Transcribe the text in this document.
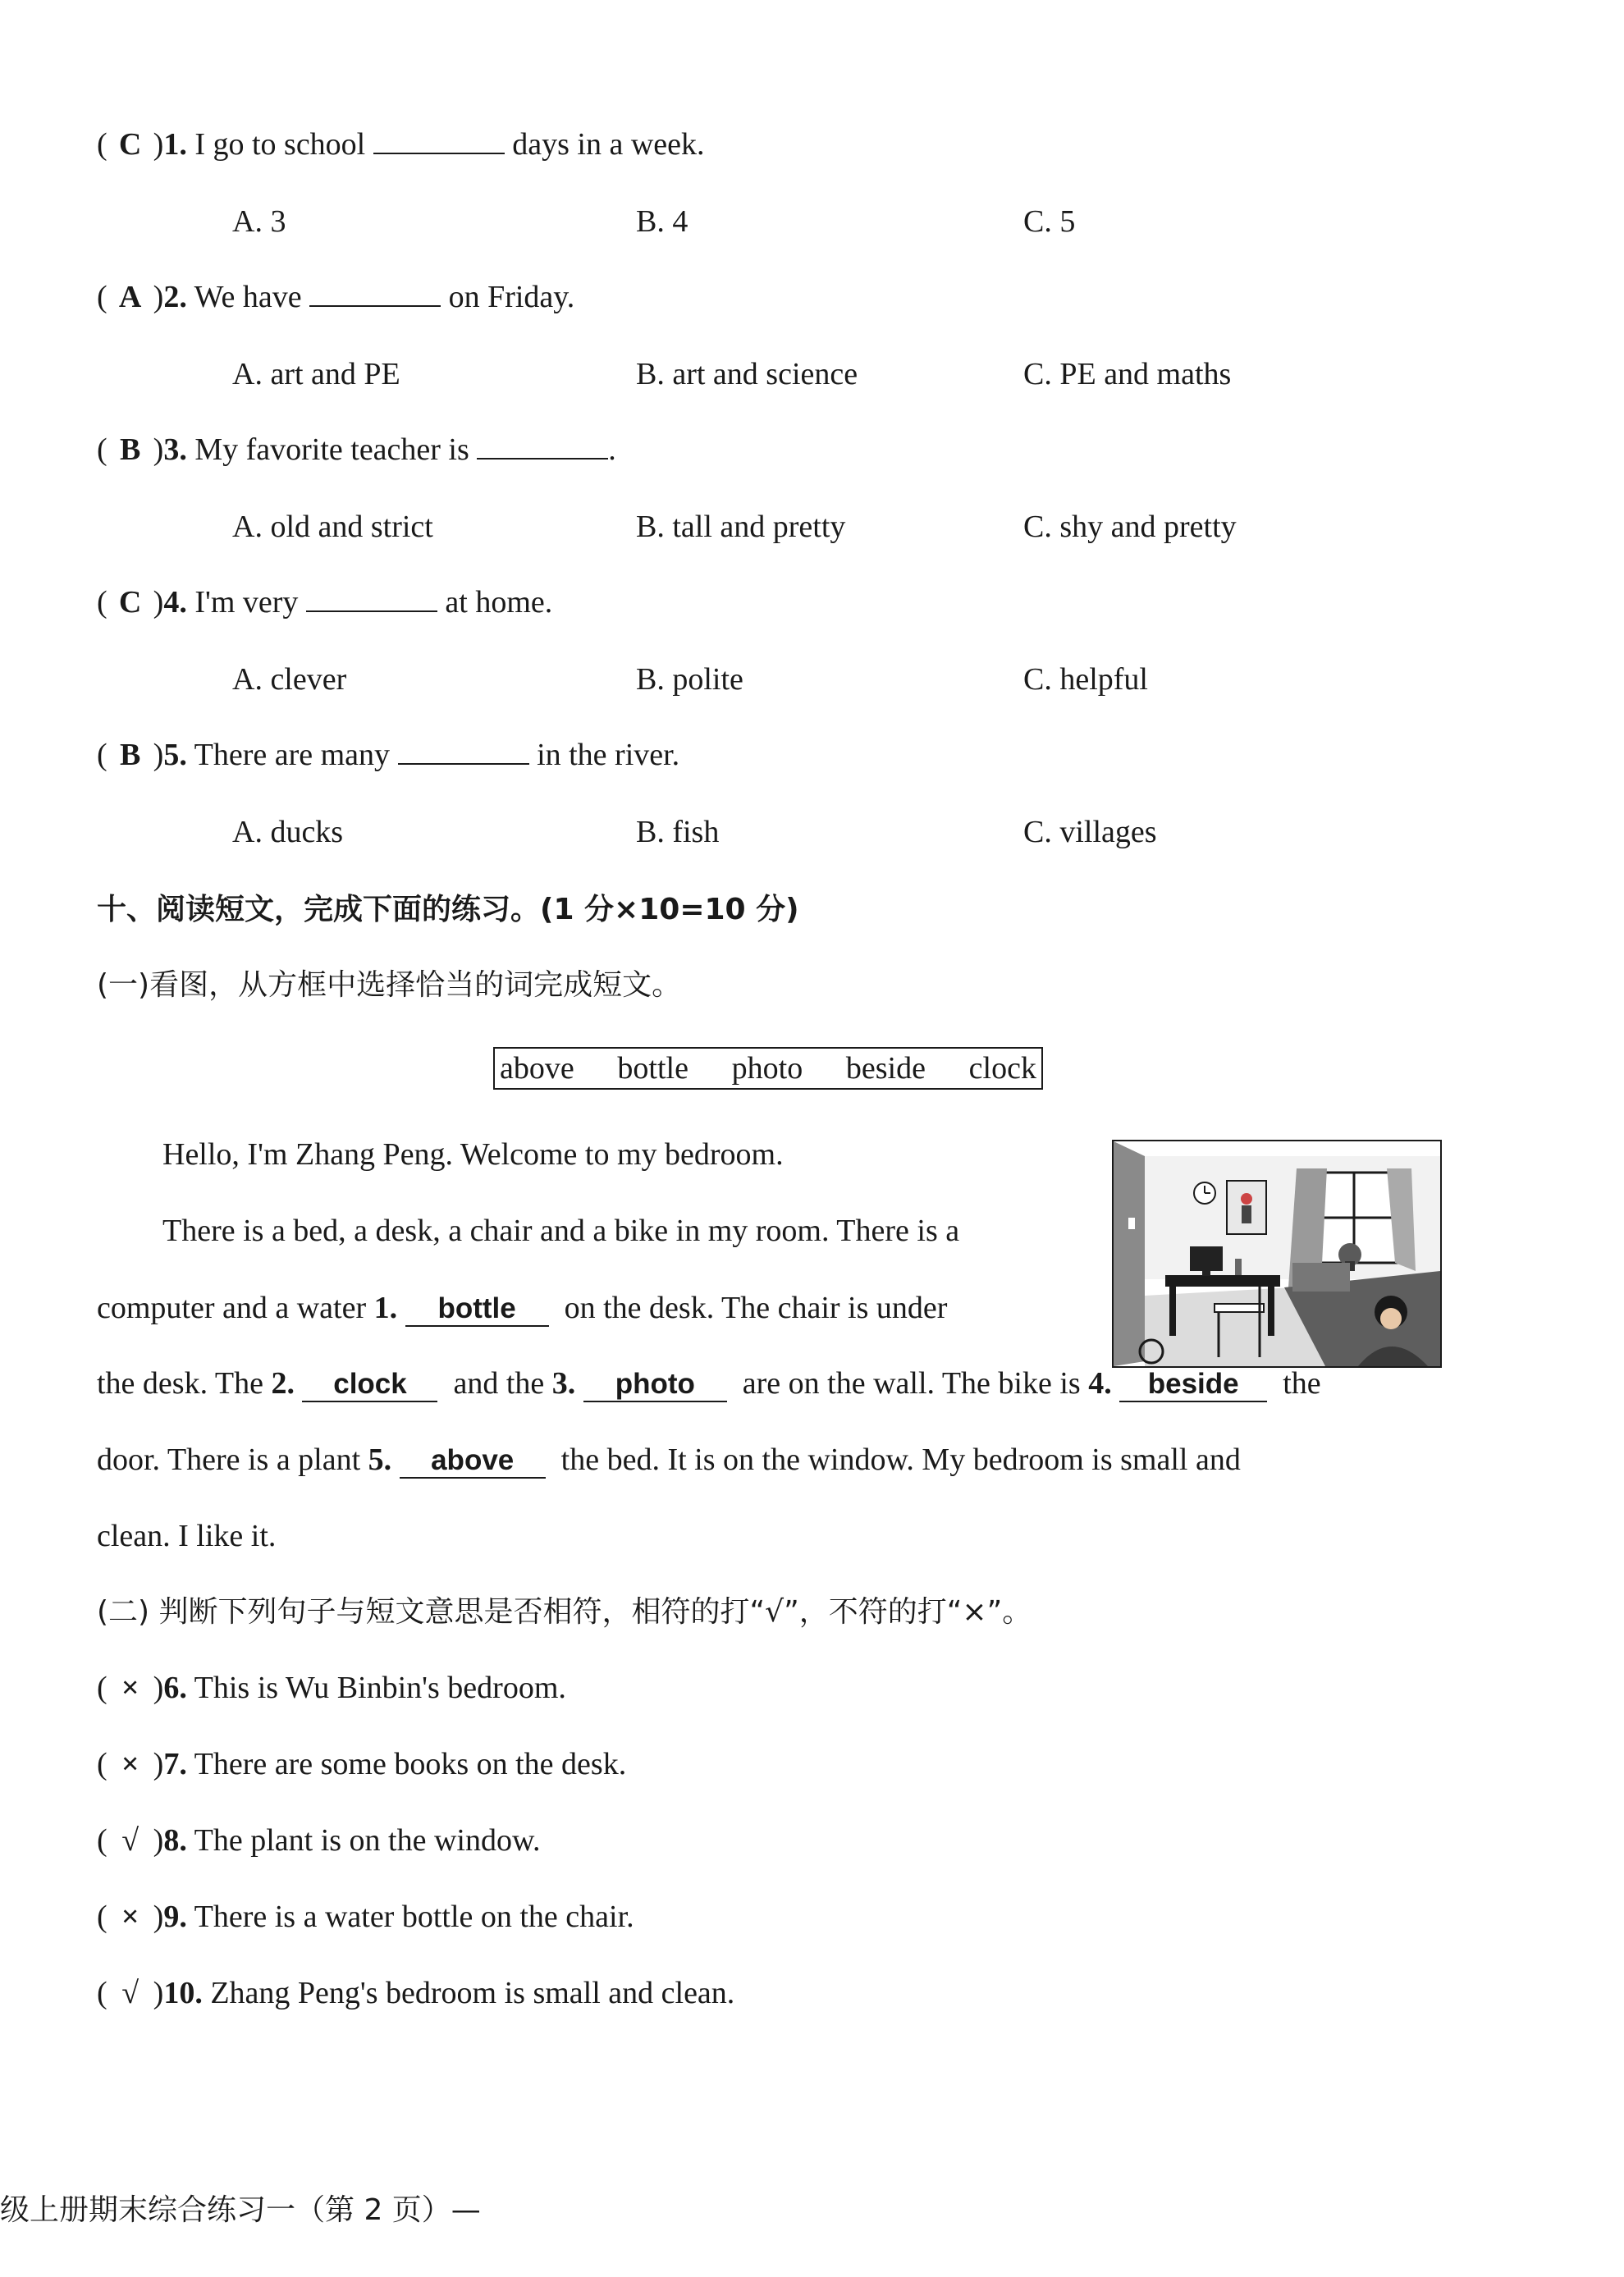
( C )1. I go to school	days in a week.
A. 3	B. 4	C. 5
( A )2. We have	on Friday.
A. art and PE	B. art and science	C. PE and maths
( B )3. My favorite teacher is	.
A. old and strict	B. tall and pretty	C. shy and pretty
( C )4. I'm very	at home.
A. clever	B. polite	C. helpful
( B )5. There are many	in the river.
A. ducks	B. fish	C. villages
十、阅读短文，完成下面的练习。(1 分×10=10 分)
(一)看图，从方框中选择恰当的词完成短文。
above bottle photo beside clock
Hello, I'm Zhang Peng. Welcome to my bedroom.
There is a bed, a desk, a chair and a bike in my room. There is a
computer and a water 1. bottle on the desk. The chair is under
the desk. The 2. clock and the 3. photo are on the wall. The bike is 4. beside the
door. There is a plant 5. above the bed. It is on the window. My bedroom is small and
clean. I like it.
(二) 判断下列句子与短文意思是否相符，相符的打“√”，不符的打“×”。
( × )6. This is Wu Binbin's bedroom.
( × )7. There are some books on the desk.
( √ )8. The plant is on the window.
( × )9. There is a water bottle on the chair.
( √ )10. Zhang Peng's bedroom is small and clean.
级上册期末综合练习一（第 2 页）—
